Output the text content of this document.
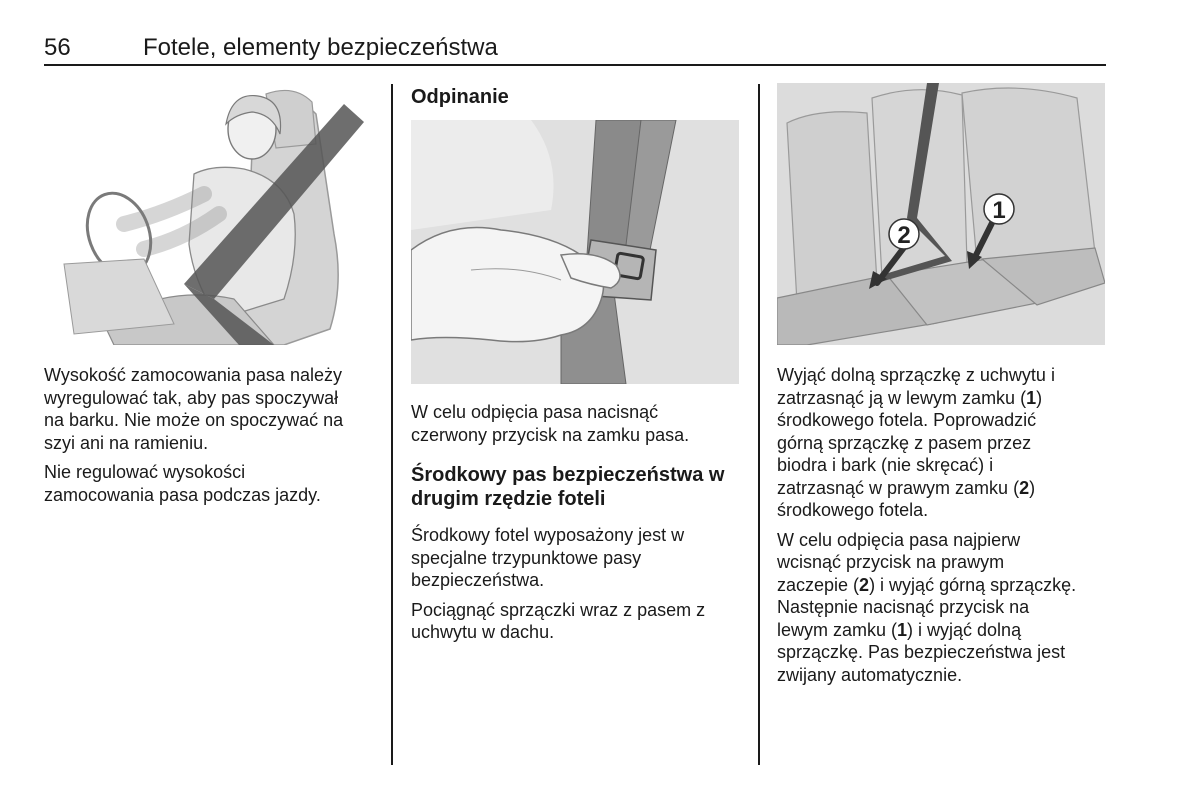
56	Fotele, elementy bezpieczeństwa

Wysokość zamocowania pasa należy
wyregulować tak, aby pas spoczywał
na barku. Nie może on spoczywać na
szyi ani na ramieniu.

Nie regulować wysokości
zamocowania pasa podczas jazdy.

Odpinanie

W celu odpięcia pasa nacisnąć
czerwony przycisk na zamku pasa.

Środkowy pas bezpieczeństwa w
drugim rzędzie foteli

Środkowy fotel wyposażony jest w
specjalne trzypunktowe pasy
bezpieczeństwa.

Pociągnąć sprzączki wraz z pasem z
uchwytu w dachu.

2
1

Wyjąć dolną sprzączkę z uchwytu i
zatrzasnąć ją w lewym zamku (1)
środkowego fotela. Poprowadzić
górną sprzączkę z pasem przez
biodra i bark (nie skręcać) i
zatrzasnąć w prawym zamku (2)
środkowego fotela.

W celu odpięcia pasa najpierw
wcisnąć przycisk na prawym
zaczepie (2) i wyjąć górną sprzączkę.
Następnie nacisnąć przycisk na
lewym zamku (1) i wyjąć dolną
sprzączkę. Pas bezpieczeństwa jest
zwijany automatycznie.
